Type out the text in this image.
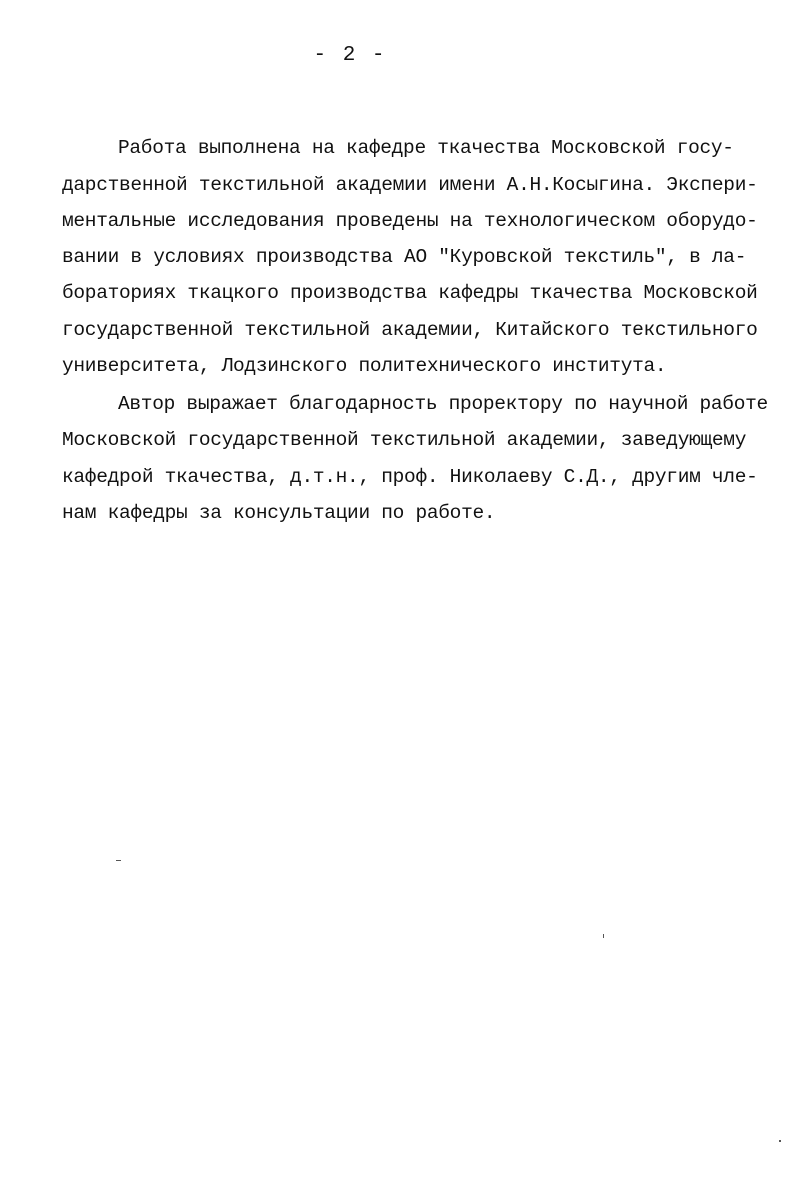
- 2 -
Работа выполнена на кафедре ткачества Московской госу-
дарственной текстильной академии имени А.Н.Косыгина. Экспери-
ментальные исследования проведены на технологическом оборудо-
вании в условиях производства АО "Куровской текстиль", в ла-
бораториях ткацкого производства кафедры ткачества Московской
государственной текстильной академии, Китайского текстильного
университета, Лодзинского политехнического института.
Автор выражает благодарность проректору по научной работе
Московской государственной текстильной академии, заведующему
кафедрой ткачества, д.т.н., проф. Николаеву С.Д., другим чле-
нам кафедры за консультации по работе.
